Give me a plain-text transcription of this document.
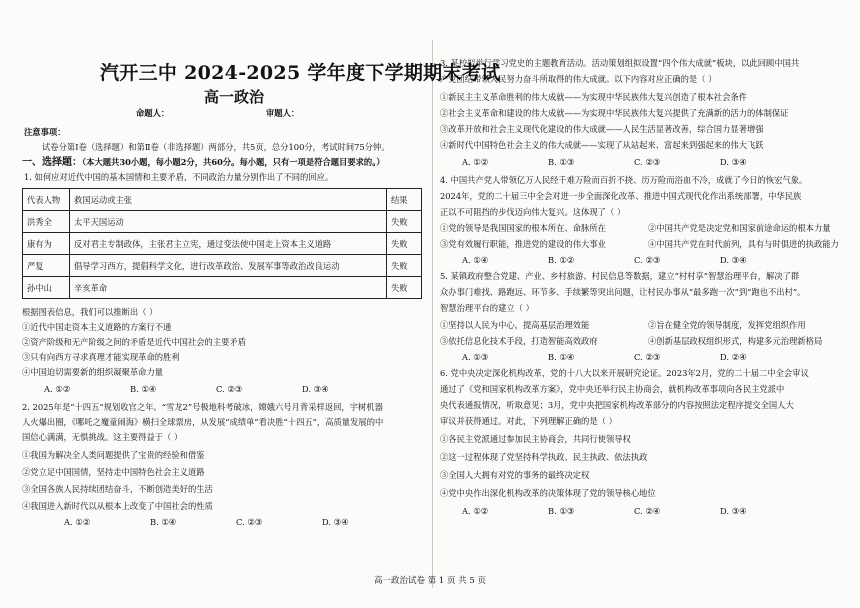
汽开三中 2024-2025 学年度下学期期末考试
高一政治
命题人：	审题人：
注意事项：
试卷分第Ⅰ卷（选择题）和第Ⅱ卷（非选择题）两部分，共5页，总分100分，考试时间75分钟。
一、选择题：（本大题共30小题，每小题2分，共60分。每小题，只有一项是符合题目要求的。）
1. 如何应对近代中国的基本国情和主要矛盾，不同政治力量分别作出了不同的回应。
代表人物	救国运动或主张	结果
洪秀全	太平天国运动	失败
康有为	反对君主专制政体，主张君主立宪，通过变法使中国走上资本主义道路	失败
严复	倡导学习西方，提倡科学文化，进行改革政治、发展军事等政治改良运动	失败
孙中山	辛亥革命	失败
根据图表信息，我们可以推断出（ ）
①近代中国走资本主义道路的方案行不通
②资产阶级和无产阶级之间的矛盾是近代中国社会的主要矛盾
③只有向西方寻求真理才能实现革命的胜利
④中国迫切需要新的组织凝聚革命力量
A. ①②	B. ①④	C. ②③	D. ③④
2. 2025年是“十四五”规划收官之年。“雪龙2”号极地科考破冰，嫦娥六号月背采样返回，宇树机器
人火爆出圈，《哪吒之魔童闹海》横扫全球票房，从发展“成绩单”看决胜“十四五”，高质量发展的中
国信心满满，无惧挑战。这主要得益于（ ）
①我国为解决全人类问题提供了宝贵的经验和借鉴
②党立足中国国情，坚持走中国特色社会主义道路
③全国各族人民持续团结奋斗，不断创造美好的生活
④我国进入新时代以从根本上改变了中国社会的性质
A. ①②	B. ①④	C. ②③	D. ③④
3. 某校拟举行学习党史的主题教育活动。活动策划组拟设置“四个伟大成就”板块，以此回顾中国共
产党团结带领人民努力奋斗所取得的伟大成就。以下内容对应正确的是（ ）
①新民主主义革命胜利的伟大成就——为实现中华民族伟大复兴创造了根本社会条件
②社会主义革命和建设的伟大成就——为实现中华民族伟大复兴提供了充满新的活力的体制保证
③改革开放和社会主义现代化建设的伟大成就——人民生活显著改善，综合国力显著增强
④新时代中国特色社会主义的伟大成就——实现了从站起来、富起来到强起来的伟大飞跃
A. ①②	B. ①③	C. ②③	D. ③④
4. 中国共产党人带领亿万人民经千难万险而百折不挠、历万险而浴血不冷，成就了今日的恢宏气象。
2024年，党的二十届三中全会对进一步全面深化改革、推进中国式现代化作出系统部署，中华民族
正以不可阻挡的步伐迈向伟大复兴。这体现了（ ）
①党的领导是我国国家的根本所在、命脉所在	②中国共产党是决定党和国家前途命运的根本力量
③党有效履行职能，推进党的建设的伟大事业	④中国共产党在时代前列，具有与时俱进的执政能力
A. ①④	B. ①②	C. ②③	D. ③④
5. 某镇政府整合党建、产业、乡村旅游、村民信息等数据，建立“村村享”智慧治理平台，解决了群
众办事门难找、路跑远、环节多、手续繁等突出问题，让村民办事从“最多跑一次”到“跑也不出村”。
智慧治理平台的建立（ ）
①坚持以人民为中心，提高基层治理效能	②旨在健全党的领导制度，发挥党组织作用
③依托信息化技术手段，打造智能高效政府	④创新基层政权组织形式，构建多元治理新格局
A. ①③	B. ①④	C. ②③	D. ②④
6. 党中央决定深化机构改革，党的十八大以来开展研究论证。2023年2月，党的二十届二中全会审议
通过了《党和国家机构改革方案》，党中央还举行民主协商会，就机构改革事项向各民主党派中
央代表通报情况，听取意见；3月，党中央把国家机构改革部分的内容按照法定程序提交全国人大
审议并获得通过。对此，下列理解正确的是（ ）
①各民主党派通过参加民主协商会，共同行使领导权
②这一过程体现了党坚持科学执政、民主执政、依法执政
③全国人大拥有对党的事务的最终决定权
④党中央作出深化机构改革的决策体现了党的领导核心地位
A. ①②	B. ①③	C. ②④	D. ③④
高一政治试卷 第 1 页 共 5 页
